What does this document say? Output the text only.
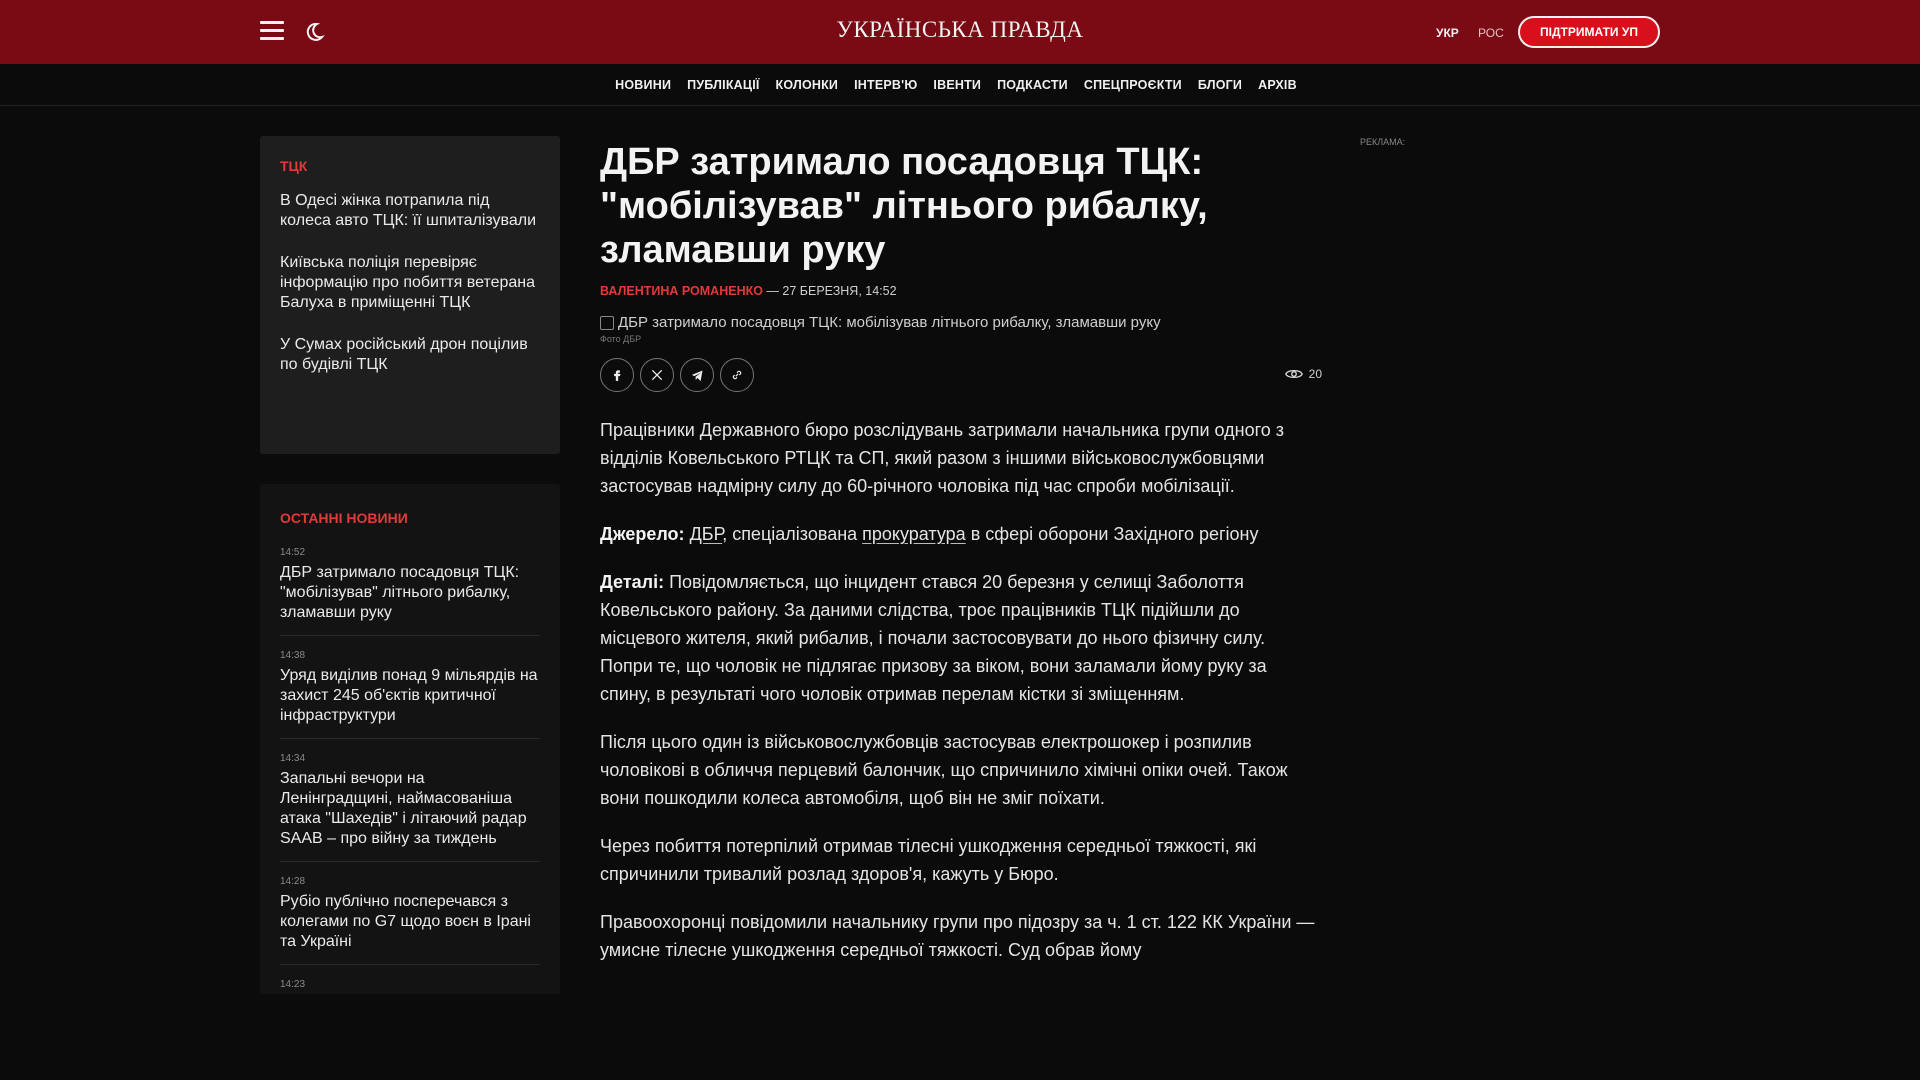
УКРАЇНСЬКА ПРАВДА	УКР РОС	ПІДТРИМАТИ УП
НОВИНИ ПУБЛІКАЦІЇ КОЛОНКИ ІНТЕРВ'Ю ІВЕНТИ ПОДКАСТИ СПЕЦПРОЄКТИ БЛОГИ АРХІВ
ТЦК
В Одесі жінка потрапила під колеса авто ТЦК: її шпиталізували
Київська поліція перевіряє інформацію про побиття ветерана Балуха в приміщенні ТЦК
У Сумах російський дрон поцілив по будівлі ТЦК
ОСТАННІ НОВИНИ
14:52
ДБР затримало посадовця ТЦК: "мобілізував" літнього рибалку, зламавши руку
14:38
Уряд виділив понад 9 мільярдів на захист 245 об'єктів критичної інфраструктури
14:34
Запальні вечори на Ленінградщині, наймасованіша атака "Шахедів" і літаючий радар SAAB – про війну за тиждень
14:28
Рубіо публічно посперечався з колегами по G7 щодо воєн в Ірані та Україні
14:23
ДБР затримало посадовця ТЦК: "мобілізував" літнього рибалку, зламавши руку
ВАЛЕНТИНА РОМАНЕНКО — 27 БЕРЕЗНЯ, 14:52
ДБР затримало посадовця ТЦК: мобілізував літнього рибалку, зламавши руку
Фото ДБР
20

Працівники Державного бюро розслідувань затримали начальника групи одного з відділів Ковельського РТЦК та СП, який разом з іншими військовослужбовцями застосував надмірну силу до 60-річного чоловіка під час спроби мобілізації.

Джерело: ДБР, спеціалізована прокуратура в сфері оборони Західного регіону

Деталі: Повідомляється, що інцидент стався 20 березня у селищі Заболоття Ковельського району. За даними слідства, троє працівників ТЦК підійшли до місцевого жителя, який рибалив, і почали застосовувати до нього фізичну силу. Попри те, що чоловік не підлягає призову за віком, вони заламали йому руку за спину, в результаті чого чоловік отримав перелам кістки зі зміщенням.

Після цього один із військовослужбовців застосував електрошокер і розпилив чоловікові в обличчя перцевий балончик, що спричинило хімічні опіки очей. Також вони пошкодили колеса автомобіля, щоб він не зміг поїхати.

Через побиття потерпілий отримав тілесні ушкодження середньої тяжкості, які спричинили тривалий розлад здоров'я, кажуть у Бюро.

Правоохоронці повідомили начальнику групи про підозру за ч. 1 ст. 122 КК України — умисне тілесне ушкодження середньої тяжкості. Суд обрав йому

РЕКЛАМА:
